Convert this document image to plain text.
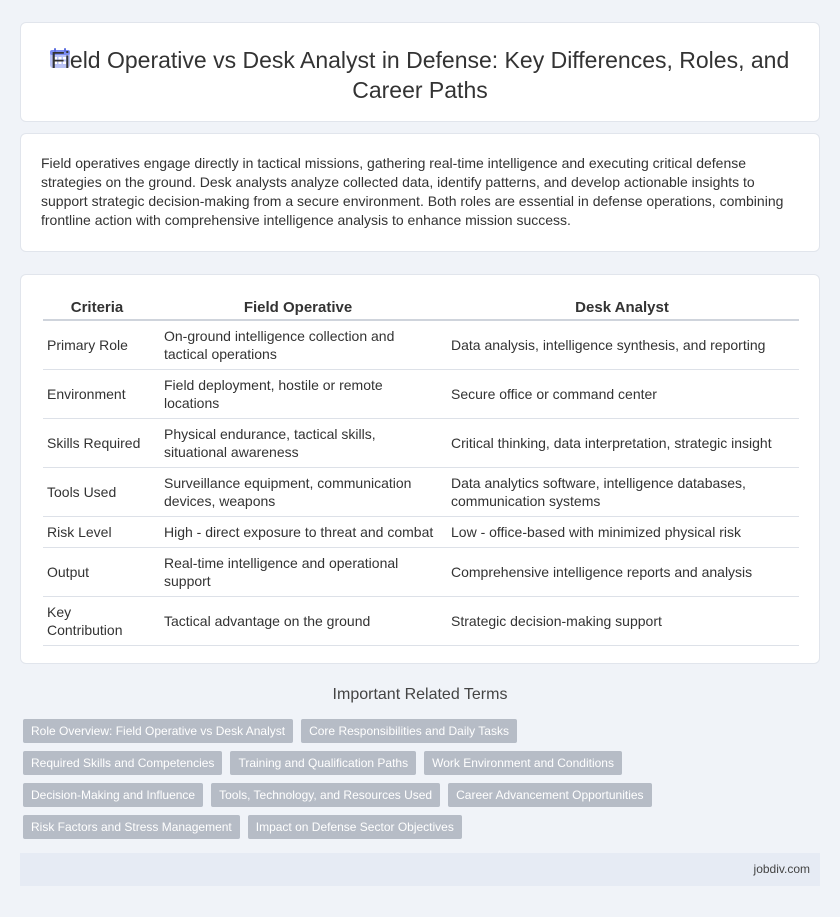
Field Operative vs Desk Analyst in Defense: Key Differences, Roles, and Career Paths

Field operatives engage directly in tactical missions, gathering real-time intelligence and executing critical defense strategies on the ground. Desk analysts analyze collected data, identify patterns, and develop actionable insights to support strategic decision-making from a secure environment. Both roles are essential in defense operations, combining frontline action with comprehensive intelligence analysis to enhance mission success.

Criteria	Field Operative	Desk Analyst
Primary Role	On-ground intelligence collection and tactical operations	Data analysis, intelligence synthesis, and reporting
Environment	Field deployment, hostile or remote locations	Secure office or command center
Skills Required	Physical endurance, tactical skills, situational awareness	Critical thinking, data interpretation, strategic insight
Tools Used	Surveillance equipment, communication devices, weapons	Data analytics software, intelligence databases, communication systems
Risk Level	High - direct exposure to threat and combat	Low - office-based with minimized physical risk
Output	Real-time intelligence and operational support	Comprehensive intelligence reports and analysis
Key Contribution	Tactical advantage on the ground	Strategic decision-making support
Important Related Terms
Role Overview: Field Operative vs Desk Analyst	Core Responsibilities and Daily Tasks
Required Skills and Competencies	Training and Qualification Paths	Work Environment and Conditions
Decision-Making and Influence	Tools, Technology, and Resources Used	Career Advancement Opportunities
Risk Factors and Stress Management	Impact on Defense Sector Objectives
jobdiv.com
